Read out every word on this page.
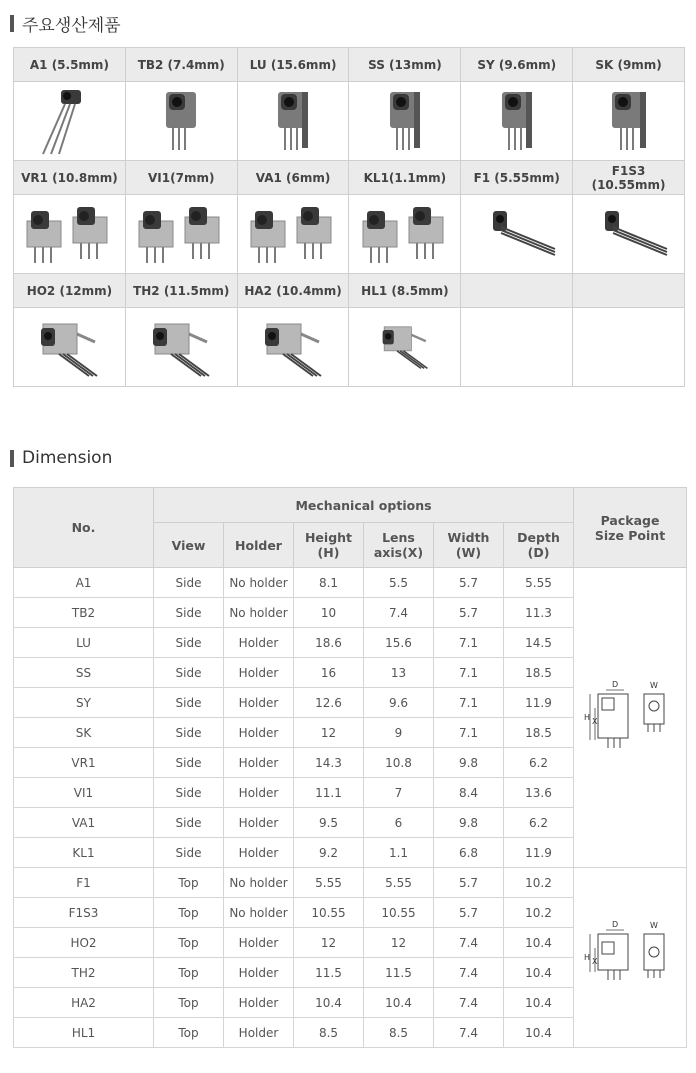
주요생산제품
A1 (5.5mm)	TB2 (7.4mm)	LU (15.6mm)	SS (13mm)	SY (9.6mm)	SK (9mm)

VR1 (10.8mm)	VI1(7mm)	VA1 (6mm)	KL1(1.1mm)	F1 (5.55mm)	F1S3 (10.55mm)

HO2 (12mm)	TH2 (11.5mm)	HA2 (10.4mm)	HL1 (8.5mm)		

Dimension
No.	Mechanical options						Package
Size Point
	View	Holder	Height
(H)	Lens
axis(X)	Width
(W)	Depth
(D)	
A1	Side	No holder	8.1	5.5	5.7	5.55	D
H X
W

TB2	Side	No holder	10	7.4	5.7	11.3	
LU	Side	Holder	18.6	15.6	7.1	14.5	
SS	Side	Holder	16	13	7.1	18.5	
SY	Side	Holder	12.6	9.6	7.1	11.9	
SK	Side	Holder	12	9	7.1	18.5	
VR1	Side	Holder	14.3	10.8	9.8	6.2	
VI1	Side	Holder	11.1	7	8.4	13.6	
VA1	Side	Holder	9.5	6	9.8	6.2	
KL1	Side	Holder	9.2	1.1	6.8	11.9	
F1	Top	No holder	5.55	5.55	5.7	10.2	D
H X
W

F1S3	Top	No holder	10.55	10.55	5.7	10.2	
HO2	Top	Holder	12	12	7.4	10.4	
TH2	Top	Holder	11.5	11.5	7.4	10.4	
HA2	Top	Holder	10.4	10.4	7.4	10.4	
HL1	Top	Holder	8.5	8.5	7.4	10.4	
